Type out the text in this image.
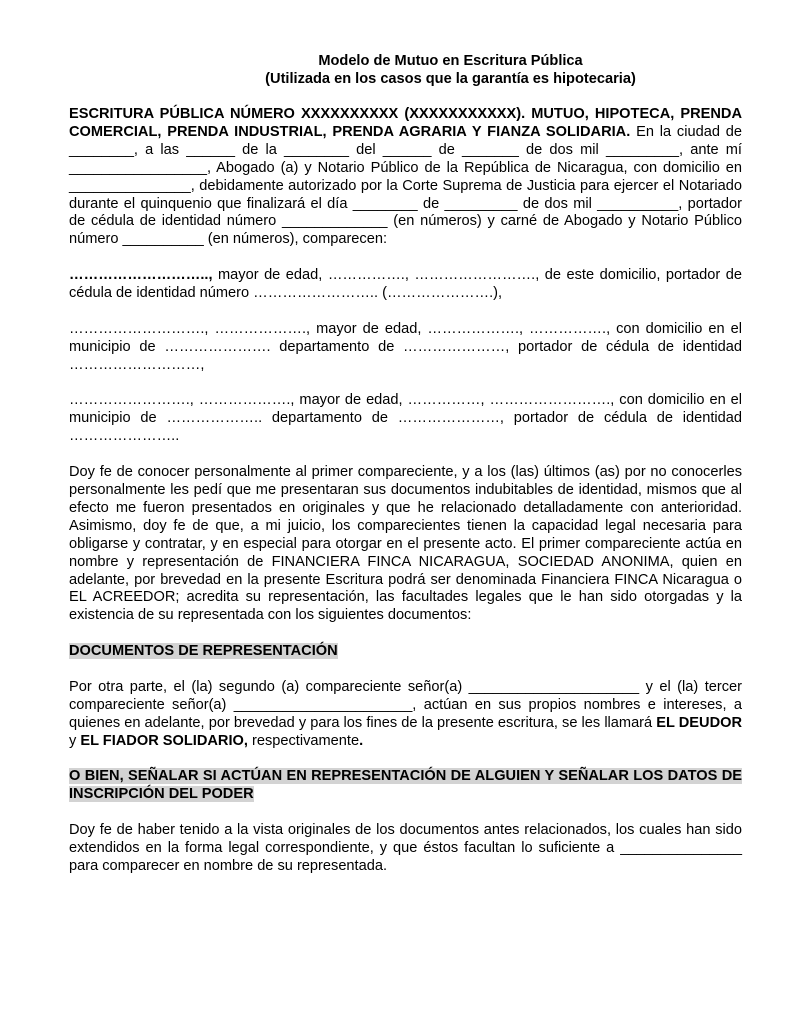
Modelo de Mutuo en Escritura Pública
(Utilizada en los casos que la garantía es hipotecaria)

ESCRITURA PÚBLICA NÚMERO XXXXXXXXXX (XXXXXXXXXXX). MUTUO, HIPOTECA, PRENDA COMERCIAL, PRENDA INDUSTRIAL, PRENDA AGRARIA Y FIANZA SOLIDARIA. En la ciudad de ________, a las ______ de la ________ del ______ de _______ de dos mil _________, ante mí _________________, Abogado (a) y Notario Público de la República de Nicaragua, con domicilio en _______________, debidamente autorizado por la Corte Suprema de Justicia para ejercer el Notariado durante el quinquenio que finalizará el día ________ de _________ de dos mil __________, portador de cédula de identidad número _____________ (en números) y carné de Abogado y Notario Público número __________ (en números), comparecen:

……………………….., mayor de edad, ……………., ……………………., de este domicilio, portador de cédula de identidad número …………………….. (………………….),

………………………., ………………., mayor de edad, ………………., ……………., con domicilio en el municipio de …………………. departamento de …………………, portador de cédula de identidad ………………………,

……………………., ………………., mayor de edad, ……………, ……………………., con domicilio en el municipio de ……………….. departamento de …………………, portador de cédula de identidad …………………..

Doy fe de conocer personalmente al primer compareciente, y a los (las) últimos (as) por no conocerles personalmente les pedí que me presentaran sus documentos indubitables de identidad, mismos que al efecto me fueron presentados en originales y que he relacionado detalladamente con anterioridad. Asimismo, doy fe de que, a mi juicio, los comparecientes tienen la capacidad legal necesaria para obligarse y contratar, y en especial para otorgar en el presente acto. El primer compareciente actúa en nombre y representación de FINANCIERA FINCA NICARAGUA, SOCIEDAD ANONIMA, quien en adelante, por brevedad en la presente Escritura podrá ser denominada Financiera FINCA Nicaragua o EL ACREEDOR; acredita su representación, las facultades legales que le han sido otorgadas y la existencia de su representada con los siguientes documentos:

DOCUMENTOS DE REPRESENTACIÓN

Por otra parte, el (la) segundo (a) compareciente señor(a) _____________________ y el (la) tercer compareciente señor(a) ______________________, actúan en sus propios nombres e intereses, a quienes en adelante, por brevedad y para los fines de la presente escritura, se les llamará EL DEUDOR y EL FIADOR SOLIDARIO, respectivamente.

O BIEN, SEÑALAR SI ACTÚAN EN REPRESENTACIÓN DE ALGUIEN Y SEÑALAR LOS DATOS DE INSCRIPCIÓN DEL PODER

Doy fe de haber tenido a la vista originales de los documentos antes relacionados, los cuales han sido extendidos en la forma legal correspondiente, y que éstos facultan lo suficiente a _______________ para comparecer en nombre de su representada.
